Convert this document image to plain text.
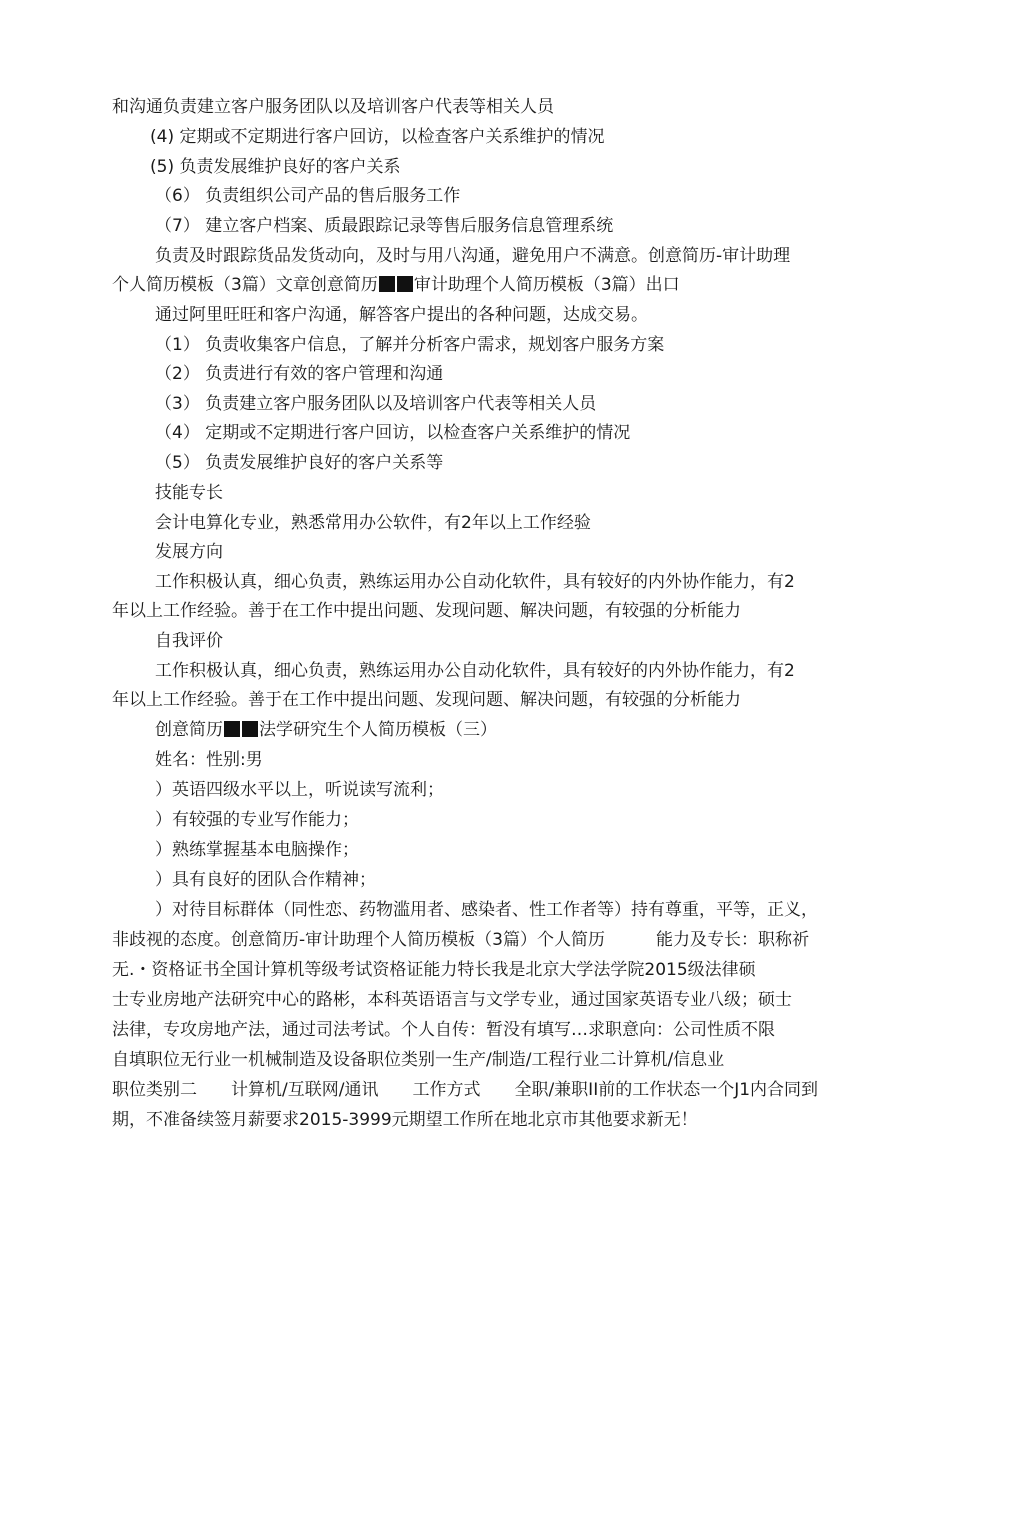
和沟通负责建立客户服务团队以及培训客户代表等相关人员
(4) 定期或不定期进行客户回访，以检查客户关系维护的情况
(5) 负责发展维护良好的客户关系
（6） 负责组织公司产品的售后服务工作
（7） 建立客户档案、质最跟踪记录等售后服务信息管理系统
负责及时跟踪货品发货动向，及时与用八沟通，避免用户不满意。创意简历-审计助理
个人简历模板（3篇）文章创意简历 审计助理个人简历模板（3篇）出口
通过阿里旺旺和客户沟通，解答客户提出的各种问题，达成交易。
（1） 负责收集客户信息，了解并分析客户需求，规划客户服务方案
（2） 负责进行有效的客户管理和沟通
（3） 负责建立客户服务团队以及培训客户代表等相关人员
（4） 定期或不定期进行客户回访，以检查客户关系维护的情况
（5） 负责发展维护良好的客户关系等
技能专长
会计电算化专业，熟悉常用办公软件，有2年以上工作经验
发展方向
工作积极认真，细心负责，熟练运用办公自动化软件，具有较好的内外协作能力，有2
年以上工作经验。善于在工作中提出问题、发现问题、解决问题，有较强的分析能力
自我评价
工作积极认真，细心负责，熟练运用办公自动化软件，具有较好的内外协作能力，有2
年以上工作经验。善于在工作中提出问题、发现问题、解决问题，有较强的分析能力
创意简历 法学研究生个人简历模板（三）
姓名：性别:男
）英语四级水平以上，听说读写流利；
）有较强的专业写作能力；
）熟练掌握基本电脑操作；
）具有良好的团队合作精神；
）对待目标群体（同性恋、药物滥用者、感染者、性工作者等）持有尊重，平等，正义，
非歧视的态度。创意简历-审计助理个人简历模板（3篇）个人简历　　　能力及专长：职称祈
无.・资格证书全国计算机等级考试资格证能力特长我是北京大学法学院2015级法律硕
士专业房地产法研究中心的路彬，本科英语语言与文学专业，通过国家英语专业八级；硕士
法律，专攻房地产法，通过司法考试。个人自传：暂没有填写…求职意向：公司性质不限
自填职位无行业一机械制造及设备职位类别一生产/制造/工程行业二计算机/信息业
职位类别二　　计算机/互联网/通讯　　工作方式　　全职/兼职II前的工作状态一个J1内合同到
期，不准备续签月薪要求2015-3999元期望工作所在地北京市其他要求新无！
